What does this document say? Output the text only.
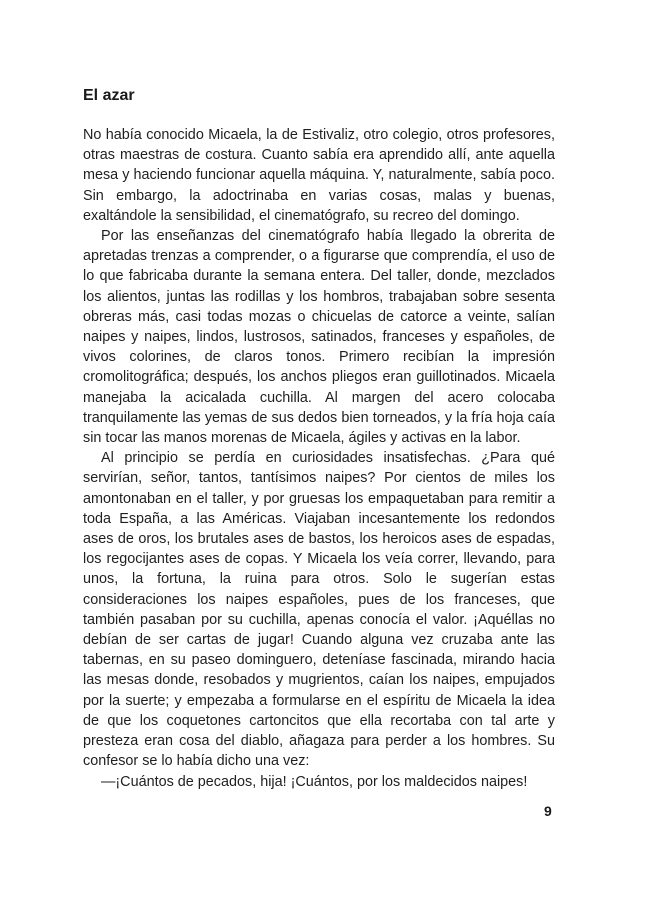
El azar

No había conocido Micaela, la de Estivaliz, otro colegio, otros profesores, otras maestras de costura. Cuanto sabía era aprendido allí, ante aquella mesa y haciendo funcionar aquella máquina. Y, naturalmente, sabía poco. Sin embargo, la adoctrinaba en varias cosas, malas y buenas, exaltándole la sensibilidad, el cinematógrafo, su recreo del domingo.

Por las enseñanzas del cinematógrafo había llegado la obrerita de apretadas trenzas a comprender, o a figurarse que comprendía, el uso de lo que fabricaba durante la semana entera. Del taller, donde, mezclados los alientos, juntas las rodillas y los hombros, trabajaban sobre sesenta obreras más, casi todas mozas o chicuelas de catorce a veinte, salían naipes y naipes, lindos, lustrosos, satinados, franceses y españoles, de vivos colorines, de claros tonos. Primero recibían la impresión cromolitográfica; después, los anchos pliegos eran guillotinados. Micaela manejaba la acicalada cuchilla. Al margen del acero colocaba tranquilamente las yemas de sus dedos bien torneados, y la fría hoja caía sin tocar las manos morenas de Micaela, ágiles y activas en la labor.

Al principio se perdía en curiosidades insatisfechas. ¿Para qué servirían, señor, tantos, tantísimos naipes? Por cientos de miles los amontonaban en el taller, y por gruesas los empaquetaban para remitir a toda España, a las Américas. Viajaban incesantemente los redondos ases de oros, los brutales ases de bastos, los heroicos ases de espadas, los regocijantes ases de copas. Y Micaela los veía correr, llevando, para unos, la fortuna, la ruina para otros. Solo le sugerían estas consideraciones los naipes españoles, pues de los franceses, que también pasaban por su cuchilla, apenas conocía el valor. ¡Aquéllas no debían de ser cartas de jugar! Cuando alguna vez cruzaba ante las tabernas, en su paseo dominguero, deteníase fascinada, mirando hacia las mesas donde, resobados y mugrientos, caían los naipes, empujados por la suerte; y empezaba a formularse en el espíritu de Micaela la idea de que los coquetones cartoncitos que ella recortaba con tal arte y presteza eran cosa del diablo, añagaza para perder a los hombres. Su confesor se lo había dicho una vez:

—¡Cuántos de pecados, hija! ¡Cuántos, por los maldecidos naipes!

9
